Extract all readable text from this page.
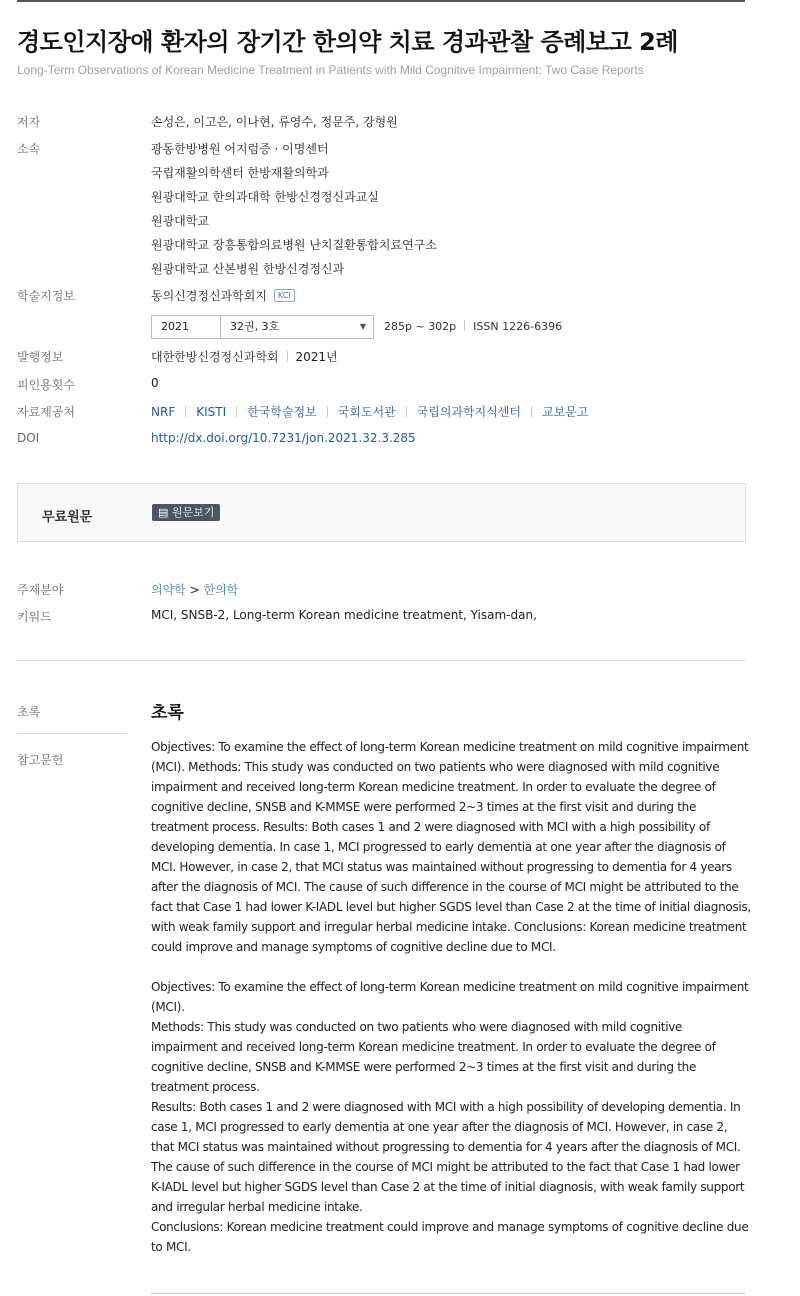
경도인지장애 환자의 장기간 한의약 치료 경과관찰 증례보고 2례
Long-Term Observations of Korean Medicine Treatment in Patients with Mild Cognitive Impairment: Two Case Reports
저자	손성은, 이고은, 이나현, 류영수, 정문주, 강형원
소속	광동한방병원 어지럼증 · 이명센터
국립재활의학센터 한방재활의학과
원광대학교 한의과대학 한방신경정신과교실
원광대학교
원광대학교 장흥통합의료병원 난치질환통합치료연구소
원광대학교 산본병원 한방신경정신과
학술지정보	동의신경정신과학회지 KCI
2021	32권, 3호	▼ 285p ~ 302p ISSN 1226-6396
발행정보	대한한방신경정신과학회 2021년
피인용횟수	0
자료제공처	NRF KISTI 한국학술정보 국회도서관 국립의과학지식센터 교보문고
DOI	http://dx.doi.org/10.7231/jon.2021.32.3.285
무료원문	▤ 원문보기
주제분야	의약학 > 한의학
키워드	MCI, SNSB-2, Long-term Korean medicine treatment, Yisam-dan,
초록
참고문헌
초록
Objectives: To examine the effect of long-term Korean medicine treatment on mild cognitive impairment
(MCI). Methods: This study was conducted on two patients who were diagnosed with mild cognitive
impairment and received long-term Korean medicine treatment. In order to evaluate the degree of
cognitive decline, SNSB and K-MMSE were performed 2~3 times at the first visit and during the
treatment process. Results: Both cases 1 and 2 were diagnosed with MCI with a high possibility of
developing dementia. In case 1, MCI progressed to early dementia at one year after the diagnosis of
MCI. However, in case 2, that MCI status was maintained without progressing to dementia for 4 years
after the diagnosis of MCI. The cause of such difference in the course of MCI might be attributed to the
fact that Case 1 had lower K-IADL level but higher SGDS level than Case 2 at the time of initial diagnosis,
with weak family support and irregular herbal medicine intake. Conclusions: Korean medicine treatment
could improve and manage symptoms of cognitive decline due to MCI.
Objectives: To examine the effect of long-term Korean medicine treatment on mild cognitive impairment
(MCI).
Methods: This study was conducted on two patients who were diagnosed with mild cognitive
impairment and received long-term Korean medicine treatment. In order to evaluate the degree of
cognitive decline, SNSB and K-MMSE were performed 2~3 times at the first visit and during the
treatment process.
Results: Both cases 1 and 2 were diagnosed with MCI with a high possibility of developing dementia. In
case 1, MCI progressed to early dementia at one year after the diagnosis of MCI. However, in case 2,
that MCI status was maintained without progressing to dementia for 4 years after the diagnosis of MCI.
The cause of such difference in the course of MCI might be attributed to the fact that Case 1 had lower
K-IADL level but higher SGDS level than Case 2 at the time of initial diagnosis, with weak family support
and irregular herbal medicine intake.
Conclusions: Korean medicine treatment could improve and manage symptoms of cognitive decline due
to MCI.
